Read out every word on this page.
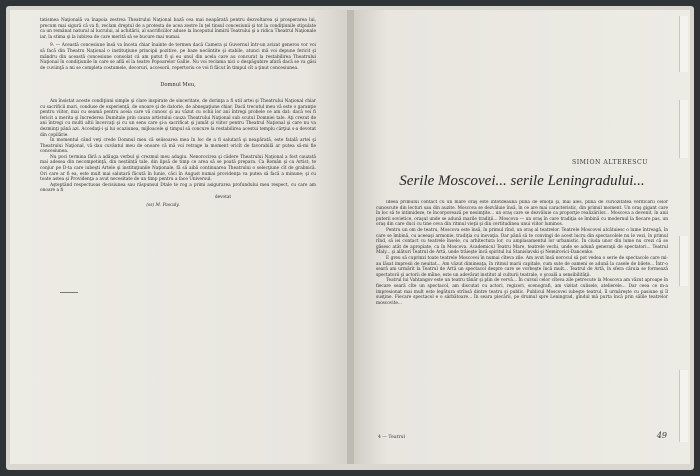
tatismea Naţională va înapoia zestrea Theatrului Naţional bază cea mai neapărată pentru dezvoltarea şi prosperarea lui, precum mai sigură că va fi, reclam dreptul de a protesta de acea zestre în ţel tinsul concesiunii şi tot la condiţiunile stipulate ca un remănat natural al lucrului, al achitării, al sacrificiilor aduse la începutul înmirii Teatrului şi a ridica Theatrul Naţionale iar, la stima şi la iubirea de care merită să se bucure mai numai.

9. — Această concesiune însă va înceta chiar înainte de termen dacă Camera şi Guvernul într-un avizat generos vor voi să facă din Theatru Naţional o instituţiune principii pozitive, pe baze neclintite şi stabile, atunci mă voi depune fericit şi mândru din această concesiune consolat că am putut fi şi eu unul din acela care au concurat la restabilirea Theatrului Naţional în condiţiunile în care se află el la teatre Popoarelor Gallie. Nu voi reclama nici o despăgubire afară dacă se va găsi de cuviinţă a mi se completa costumele, decoruri, accesorii, repertoriu ce voi fi făcut în timpul cît a ţinut concesiunea.

Domnul Meu,

Am însistat aceste condiţiuni simple şi clare inspirate de sinceritate, de dorinţa a fi util artei şi Theatrului Naţional chiar cu sacrificii mari, conduse de experienţă, de onoare şi de datorie, de abnegaţiune chiar. Dacă trecutul meu vă este o garanţie pentru viitor, mai cu seamă pentru aceia care vă cunosc şi au văzut cu ochii lor ani întregi probele ce am dat: dacă vei fi fericit a merita şi încrederea Dumitale prin cauza artistului cauza Theatrului Naţional sub scutul Domniei tale. Aţi crezut de ani întregi cu multi altii încercaţi şi cu un sens care şi-a sacrificat şi jumăt şi viitor pentru Theatrul Naţional şi care nu va dezminţi până azi. Accedaţi-i şi lui ocaziunea, mijloacele şi timpul să concure la restabilirea acestui templu cărţiui s-a devotat din copilărie.

În momentul când veţi crede Domnul meu că seiisoarea mea în loc de a fi salutară şi neapărată, este fatală artei şi Theatrului Naţional, vă dau cuvântul meu de onoare că mă voi retrage la moment oricît de favorabilă ar putea să-mi fie concesiunea.

Nu poci termina fără a adăuga verbul şi crezmul meu adagiu. Nenorocirea şi cădere Theatrului Naţional a fost cauzată mai adesea din necompetinţă, din neștiință tale, din lipsă de timp ce area să se poată prepara. Ca Român şi ca Artist, te conjur pe D-ta care iubeşti Artele şi instituţiunile Naţionale, fă să aibă continuarea Theatrului o selecţiune cît de grabnică. Ori care ar fi ea, este mult mai salutară făcută în Iunie, căci în August numai providenţa va putea să facă a minune; şi cu toate astea şi Providenţa a avut necesitate de un timp pentru a face Universul.

Aşteptând respectuoas decisiunea sau răspunsul Dtale te rog a primi asigurarea profundului meu respect, cu care am onoare a fi

devotat

(ss) M. Pascaly.

SIMION ALTERESCU
Serile Moscovei... serile Leningradului...

Ideea primului contact cu un mare oraş este întotdeauna plină de emoţii şi, mai ales, plină de curiozitatea verificării celor cunoscute din lecturi sau din auzite. Moscova se dezvăluie însă, în ce are mai caracteristic, din primul moment. Un oraş gigant care în loc să te intimideze, te încorporează pe nesimţite... un oraş care se dezvăluie ca proporţie realizărilor... Moscova a devenit, în anii puterii sovietice, oraşul unde se adună marile tradiţii... Moscova — un oraş în care tradiţia se îmbină cu modernul la fiecare pas, un oraş din care duci cu tine ceva din ritmul vieţii şi din certitudinea unui viitor luminos.

Pentru un om de teatru, Moscova este însă, în primul rînd, un oraş al teatrelor. Teatrele Moscovei alcătuiesc o lume întreagă, în care se îmbină, cu aceeaşi armonie, tradiţia cu inovaţia. Dar până să te convingi de acest lucru din spectacolele nu le vezi, în primul rînd, să iei contact cu teatrele însele, cu arhitectura lor, cu amplasamentul lor urbanistic. În ciuda unor din lume nu crezi că se găsesc atât de apropiate, ca în Moscova. Academicul Teatru Mare, teatrele vechi, unde se adună generaţii de spectatori... Teatrul Maly... şi alături Teatrul de Artă, unde trăieşte încă spiritul lui Stanislavski şi Nemirovici-Dancenko.

E greu să cuprinzi toate teatrele Moscovei în numai cîteva zile. Am avut însă norocul să pot vedea o serie de spectacole care mi-au lăsat impresii de neuitat... Am văzut dimineaţa, în ritmul marii capitale, cum sute de oameni se adună la casele de bilete... Într-o seară am urmărit la Teatrul de Artă un spectacol despre care se vorbeşte încă mult... Teatrul de Artă, în sfera căruia se formează spectatorii şi actorii de mîine, este un adevărat institut al culturii teatrale, o şcoală a sensibilităţii.

Teatrul lui Vahtangov este un teatru tânăr şi plin de vervă... În cursul celor cîteva zile petrecute la Moscova am văzut aproape în fiecare seară cîte un spectacol, am discutat cu actori, regizori, scenografi, am vizitat culisele, atelierele... Dar ceea ce m-a impresionat mai mult este legătura strînsă dintre teatru şi public. Publicul Moscovei iubeşte teatrul, îl urmăreşte cu pasiune şi îl susţine. Fiecare spectacol e o sărbătoare... În seara plecării, pe drumul spre Leningrad, gîndul mă purta încă prin sălile teatrelor moscovite...

4 — Teatrul	49
